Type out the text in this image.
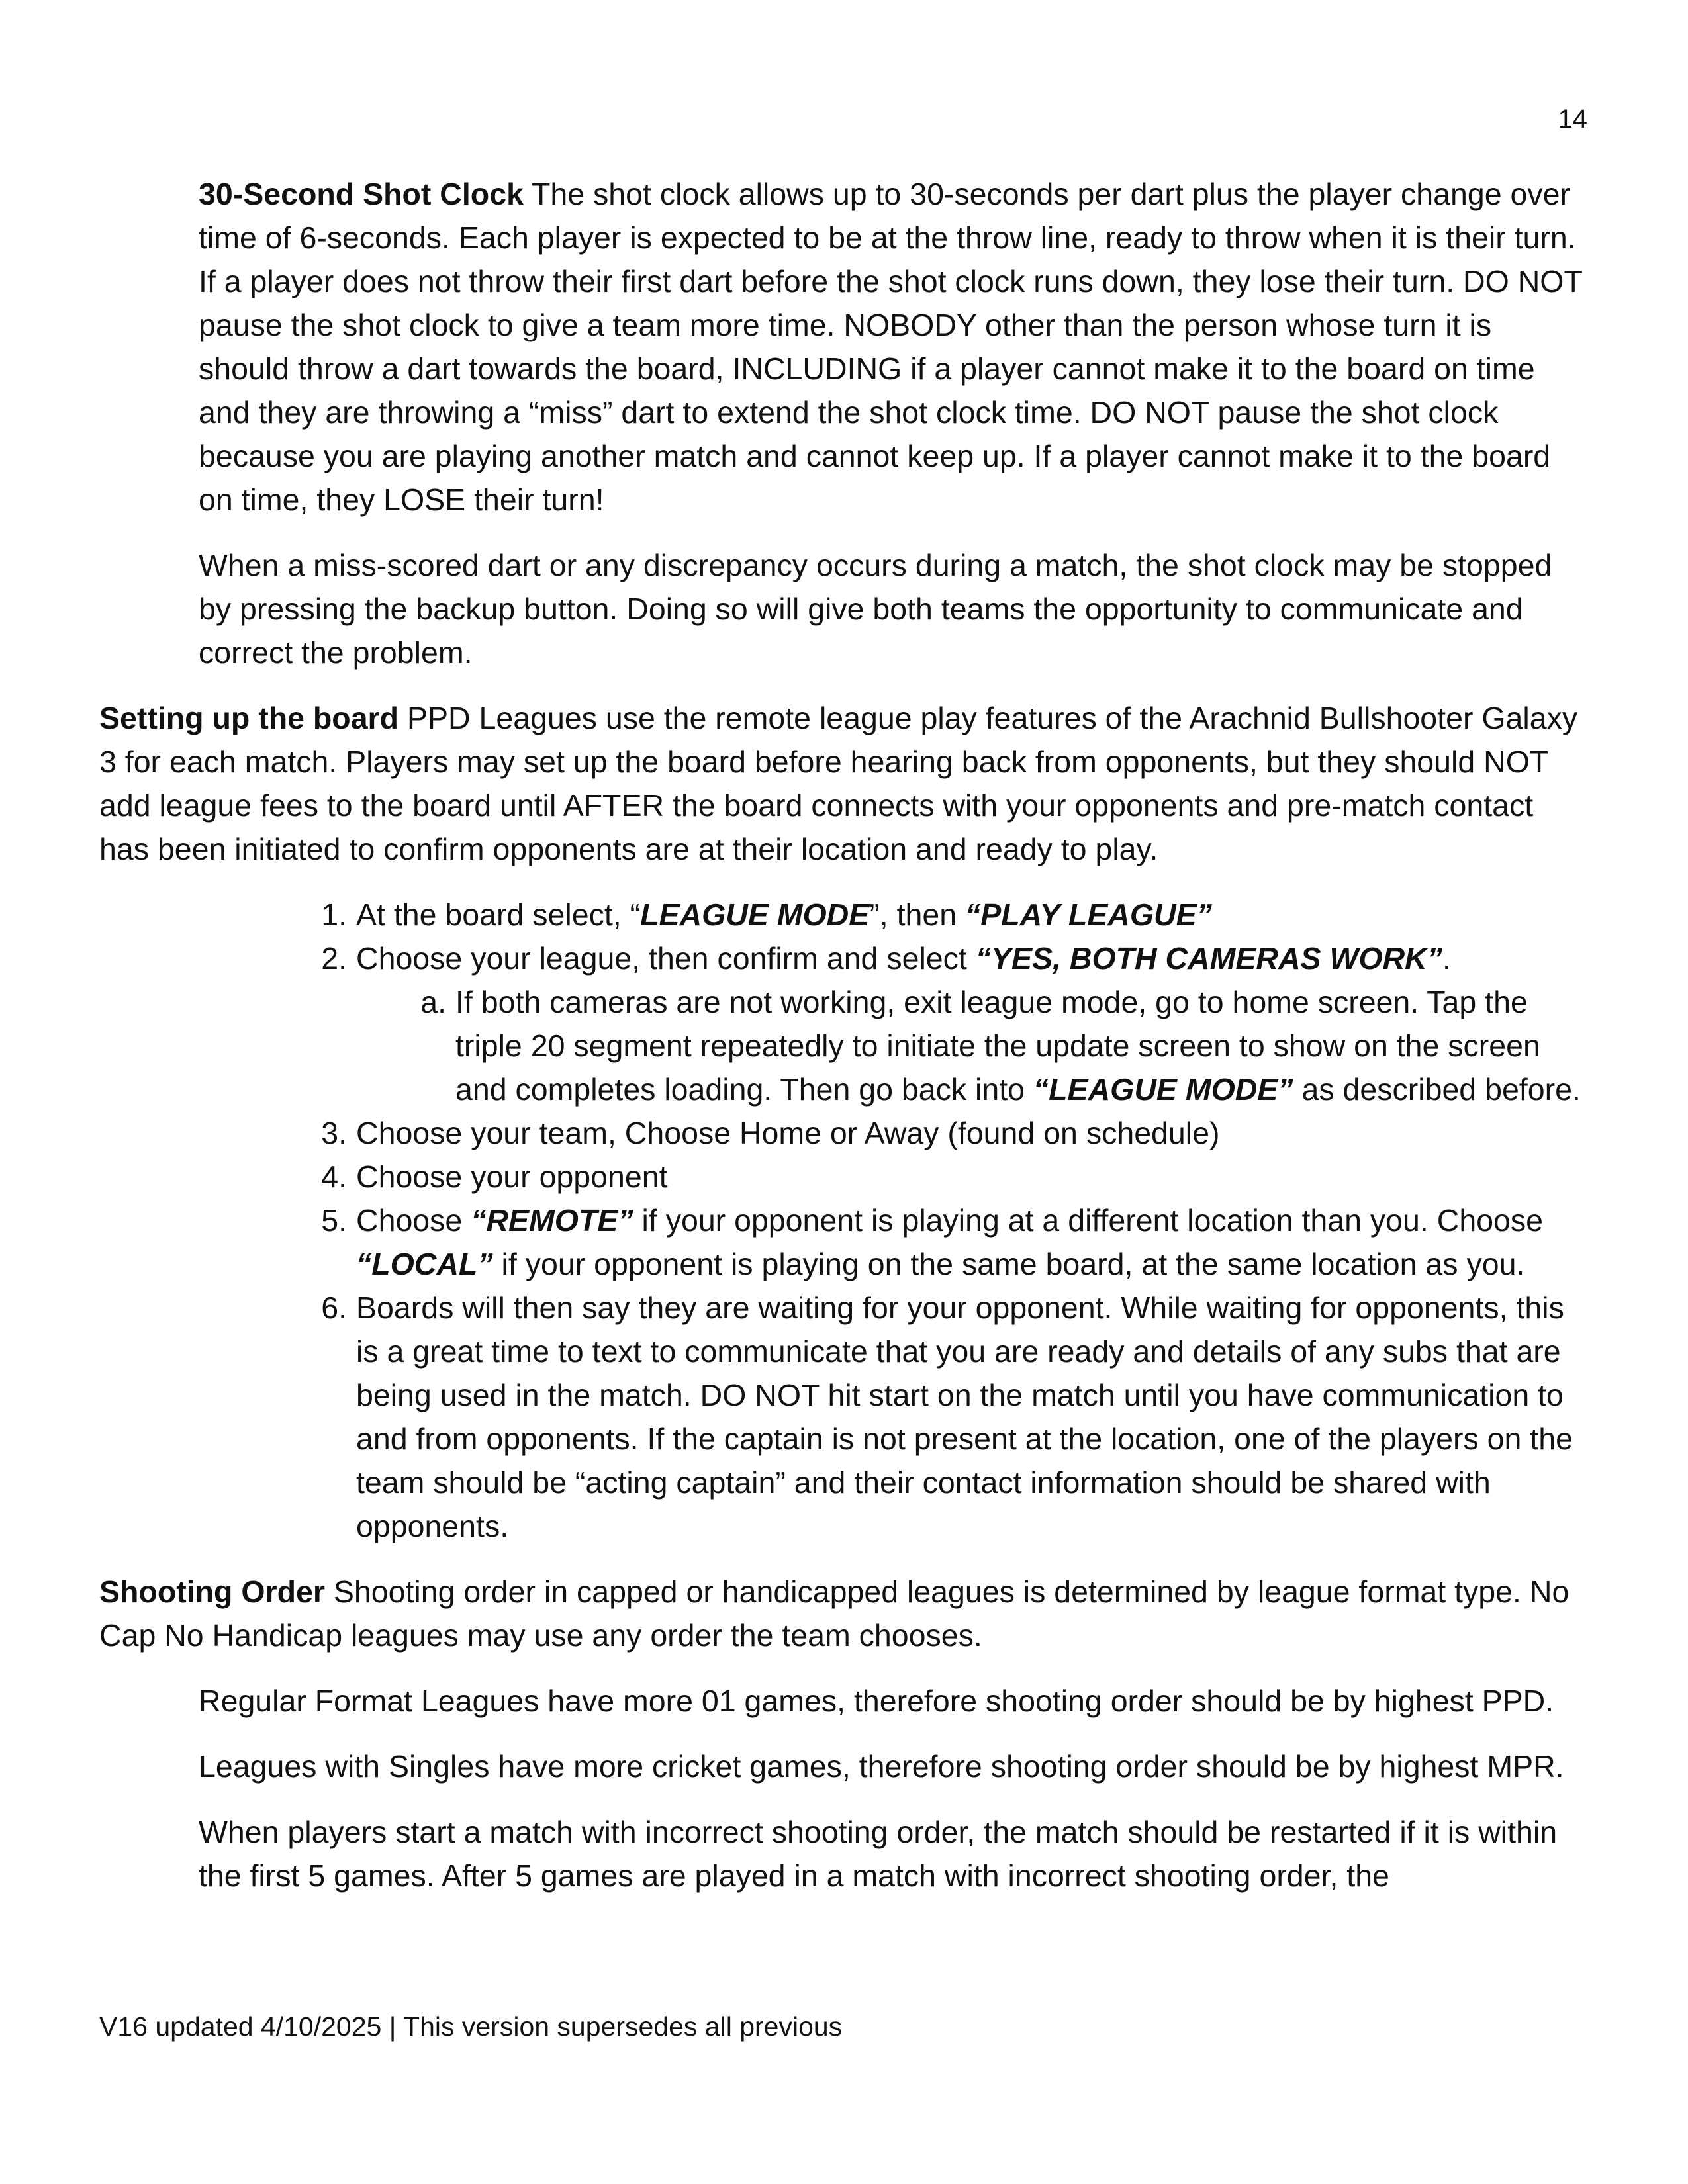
14

30-Second Shot Clock The shot clock allows up to 30-seconds per dart plus the player change over time of 6-seconds. Each player is expected to be at the throw line, ready to throw when it is their turn. If a player does not throw their first dart before the shot clock runs down, they lose their turn. DO NOT pause the shot clock to give a team more time. NOBODY other than the person whose turn it is should throw a dart towards the board, INCLUDING if a player cannot make it to the board on time and they are throwing a “miss” dart to extend the shot clock time. DO NOT pause the shot clock because you are playing another match and cannot keep up. If a player cannot make it to the board on time, they LOSE their turn!

When a miss-scored dart or any discrepancy occurs during a match, the shot clock may be stopped by pressing the backup button. Doing so will give both teams the opportunity to communicate and correct the problem.

Setting up the board PPD Leagues use the remote league play features of the Arachnid Bullshooter Galaxy 3 for each match. Players may set up the board before hearing back from opponents, but they should NOT add league fees to the board until AFTER the board connects with your opponents and pre-match contact has been initiated to confirm opponents are at their location and ready to play.

1. At the board select, “LEAGUE MODE”, then “PLAY LEAGUE”
2. Choose your league, then confirm and select “YES, BOTH CAMERAS WORK”.
a. If both cameras are not working, exit league mode, go to home screen. Tap the triple 20 segment repeatedly to initiate the update screen to show on the screen and completes loading. Then go back into “LEAGUE MODE” as described before.
3. Choose your team, Choose Home or Away (found on schedule)
4. Choose your opponent
5. Choose “REMOTE” if your opponent is playing at a different location than you. Choose “LOCAL” if your opponent is playing on the same board, at the same location as you.
6. Boards will then say they are waiting for your opponent. While waiting for opponents, this is a great time to text to communicate that you are ready and details of any subs that are being used in the match. DO NOT hit start on the match until you have communication to and from opponents. If the captain is not present at the location, one of the players on the team should be “acting captain” and their contact information should be shared with opponents.

Shooting Order Shooting order in capped or handicapped leagues is determined by league format type. No Cap No Handicap leagues may use any order the team chooses.

Regular Format Leagues have more 01 games, therefore shooting order should be by highest PPD.

Leagues with Singles have more cricket games, therefore shooting order should be by highest MPR.

When players start a match with incorrect shooting order, the match should be restarted if it is within the first 5 games. After 5 games are played in a match with incorrect shooting order, the

V16 updated 4/10/2025 | This version supersedes all previous
